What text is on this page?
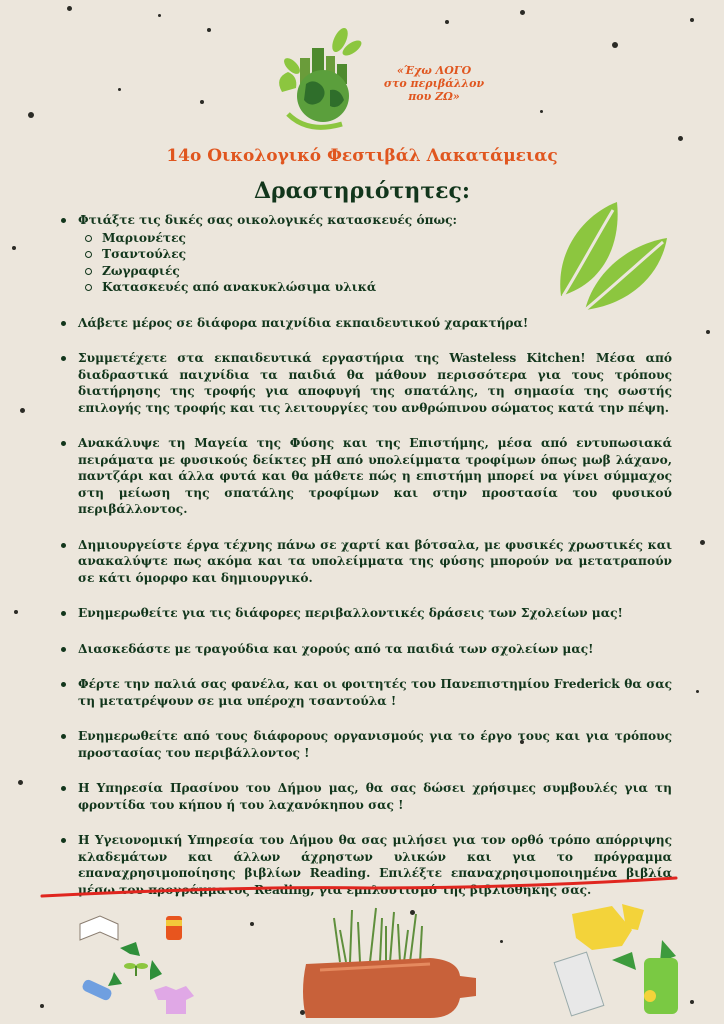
«Έχω ΛΟΓΟ
στο περιβάλλον
που ΖΩ»
14ο Οικολογικό Φεστιβάλ Λακατάμειας
Δραστηριότητες:
Φτιάξτε τις δικές σας οικολογικές κατασκευές όπως:
Μαριονέτες
Τσαντούλες
Ζωγραφιές
Κατασκευές από ανακυκλώσιμα υλικά
Λάβετε μέρος σε διάφορα παιχνίδια εκπαιδευτικού χαρακτήρα!
Συμμετέχετε στα εκπαιδευτικά εργαστήρια της Wasteless Kitchen! Μέσα από διαδραστικά παιχνίδια τα παιδιά θα μάθουν περισσότερα για τους τρόπους διατήρησης της τροφής για αποφυγή της σπατάλης, τη σημασία της σωστής επιλογής της τροφής και τις λειτουργίες του ανθρώπινου σώματος κατά την πέψη.
Ανακάλυψε τη Μαγεία της Φύσης και της Επιστήμης, μέσα από εντυπωσιακά πειράματα με φυσικούς δείκτες pH από υπολείμματα τροφίμων όπως μωβ λάχανο, παντζάρι και άλλα φυτά και θα μάθετε πώς η επιστήμη μπορεί να γίνει σύμμαχος στη μείωση της σπατάλης τροφίμων και στην προστασία του φυσικού περιβάλλοντος.
Δημιουργείστε έργα τέχνης πάνω σε χαρτί και βότσαλα, με φυσικές χρωστικές και ανακαλύψτε πως ακόμα και τα υπολείμματα της φύσης μπορούν να μετατραπούν σε κάτι όμορφο και δημιουργικό.
Ενημερωθείτε για τις διάφορες περιβαλλοντικές δράσεις των Σχολείων μας!
Διασκεδάστε με τραγούδια και χορούς από τα παιδιά των σχολείων μας!
Φέρτε την παλιά σας φανέλα, και οι φοιτητές του Πανεπιστημίου Frederick θα σας τη μετατρέψουν σε μια υπέροχη τσαντούλα !
Ενημερωθείτε από τους διάφορους οργανισμούς για το έργο τους και για τρόπους προστασίας του περιβάλλοντος !
Η Υπηρεσία Πρασίνου του Δήμου μας, θα σας δώσει χρήσιμες συμβουλές για τη φροντίδα του κήπου ή του λαχανόκηπου σας !
Η Υγειονομική Υπηρεσία του Δήμου θα σας μιλήσει για τον ορθό τρόπο απόρριψης κλαδεμάτων και άλλων άχρηστων υλικών και για το πρόγραμμα επαναχρησιμοποίησης βιβλίων Reading. Επιλέξτε επαναχρησιμοποιημένα βιβλία μέσω του προγράμματος Reading, για εμπλουτισμό της βιβλιοθήκης σας.
